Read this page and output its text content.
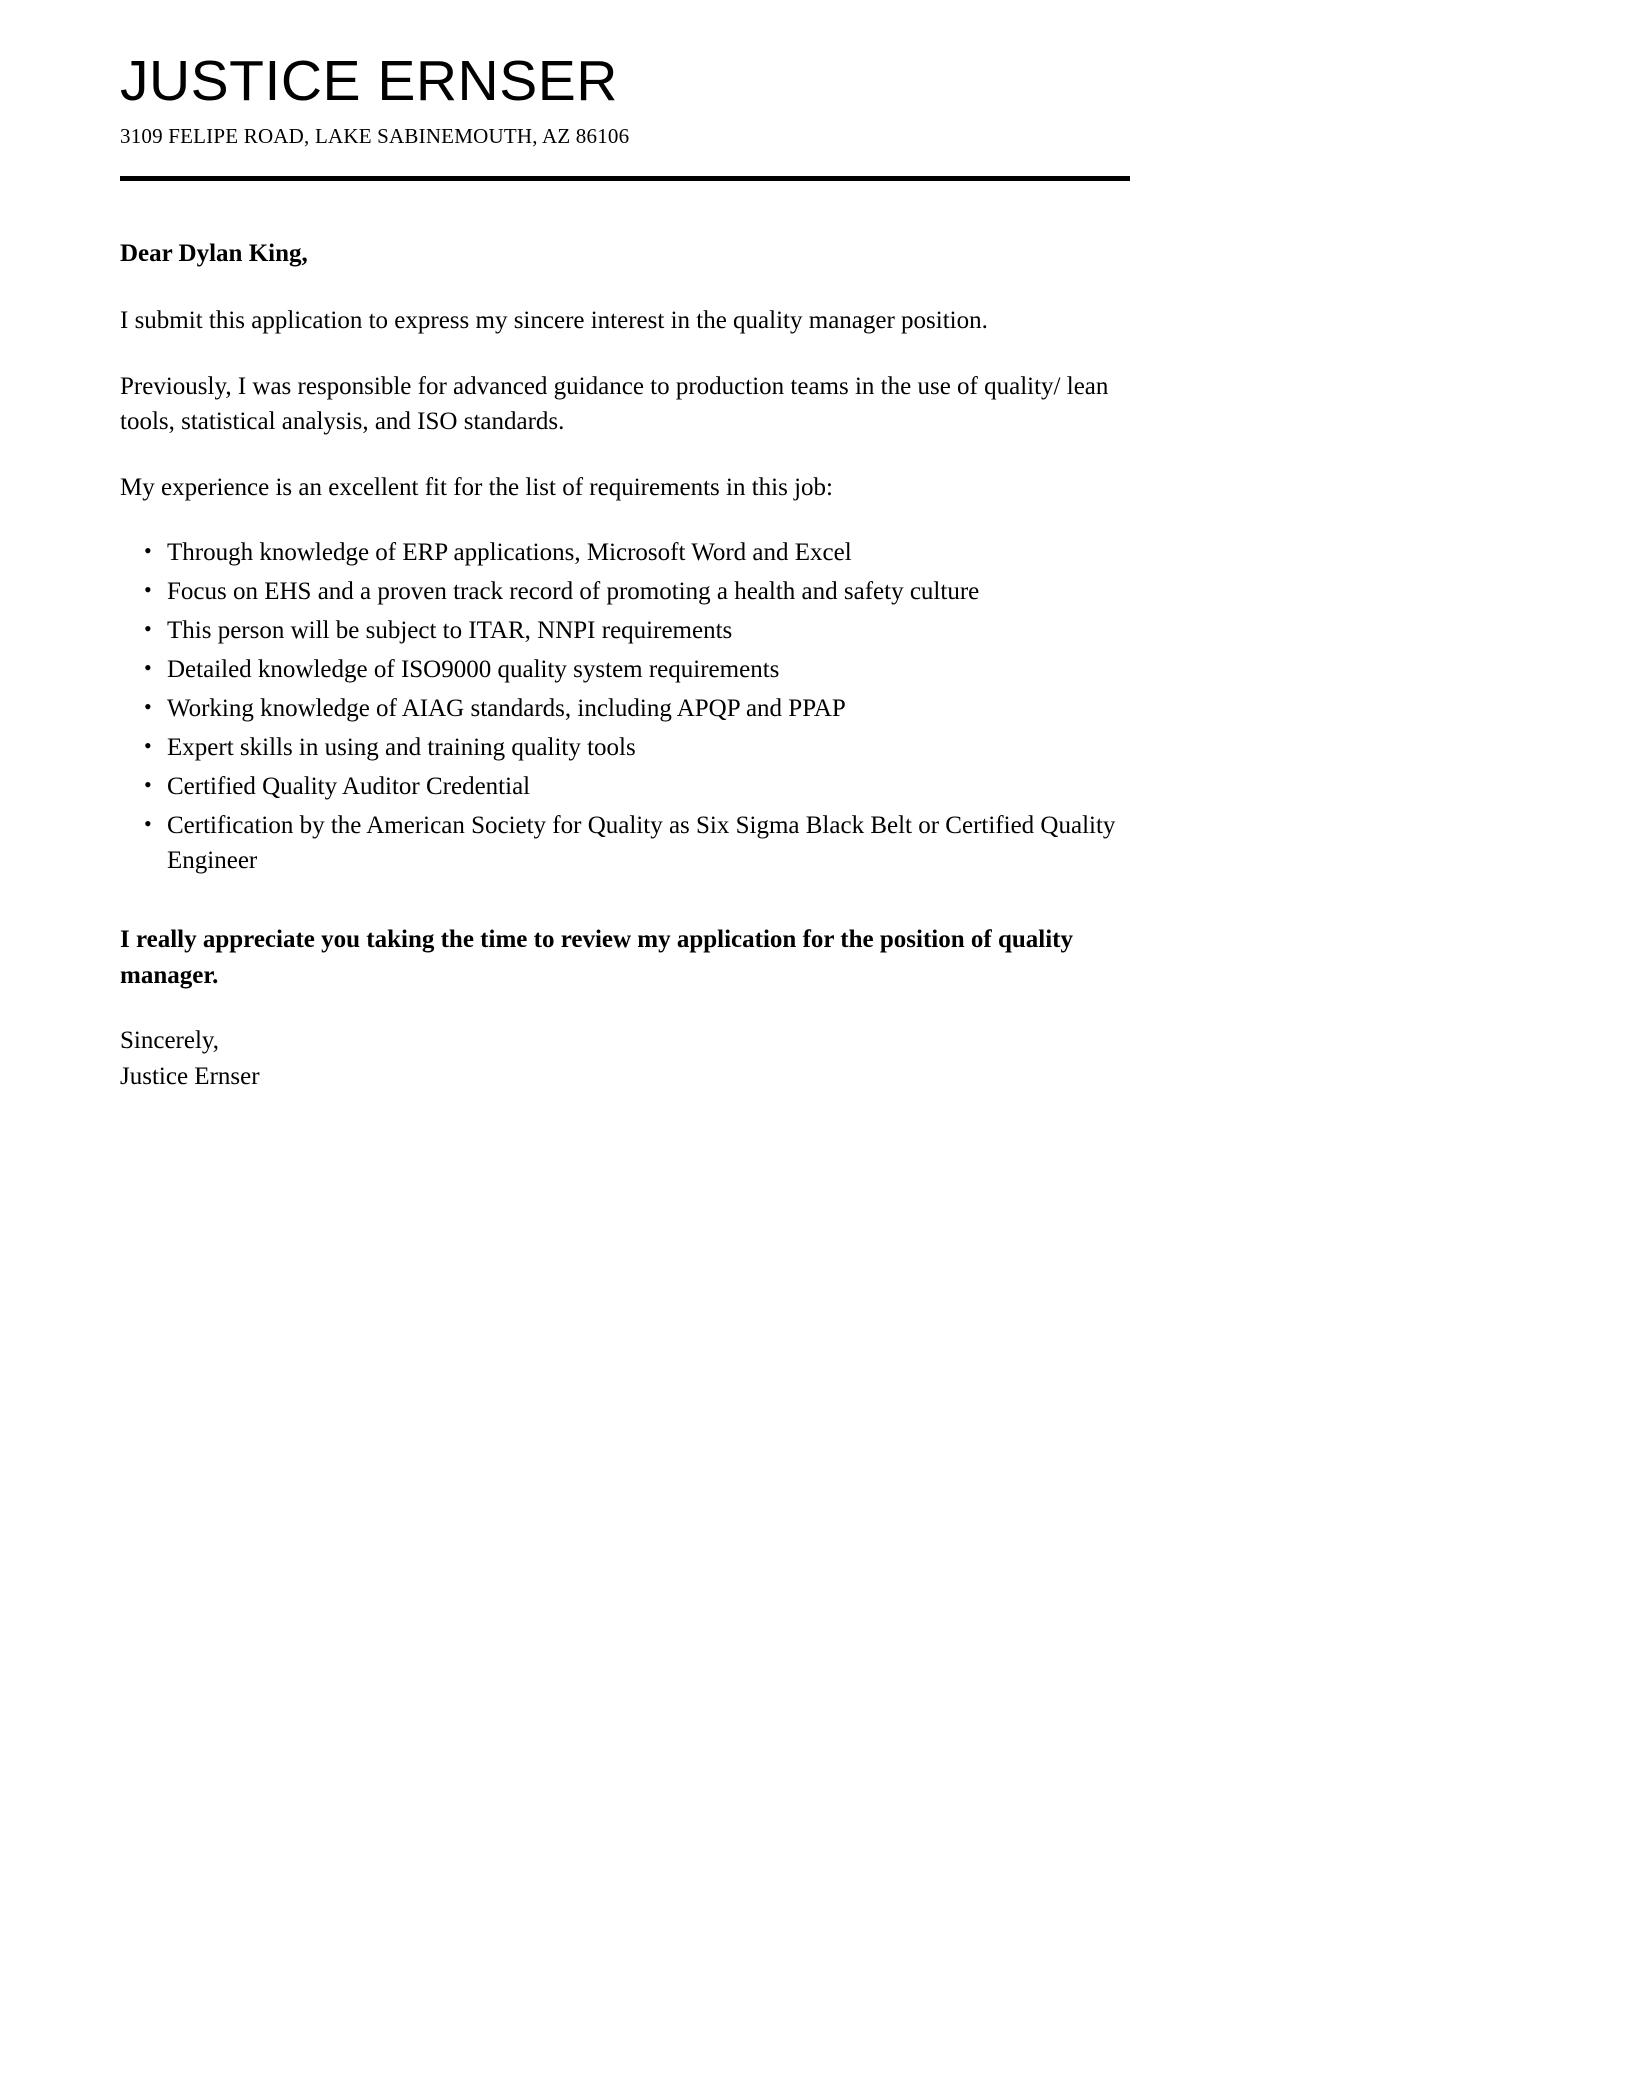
JUSTICE ERNSER
3109 FELIPE ROAD, LAKE SABINEMOUTH, AZ 86106

Dear Dylan King,

I submit this application to express my sincere interest in the quality manager position.

Previously, I was responsible for advanced guidance to production teams in the use of quality/ lean tools, statistical analysis, and ISO standards.

My experience is an excellent fit for the list of requirements in this job:

• Through knowledge of ERP applications, Microsoft Word and Excel
• Focus on EHS and a proven track record of promoting a health and safety culture
• This person will be subject to ITAR, NNPI requirements
• Detailed knowledge of ISO9000 quality system requirements
• Working knowledge of AIAG standards, including APQP and PPAP
• Expert skills in using and training quality tools
• Certified Quality Auditor Credential
• Certification by the American Society for Quality as Six Sigma Black Belt or Certified Quality Engineer

I really appreciate you taking the time to review my application for the position of quality manager.

Sincerely,
Justice Ernser
